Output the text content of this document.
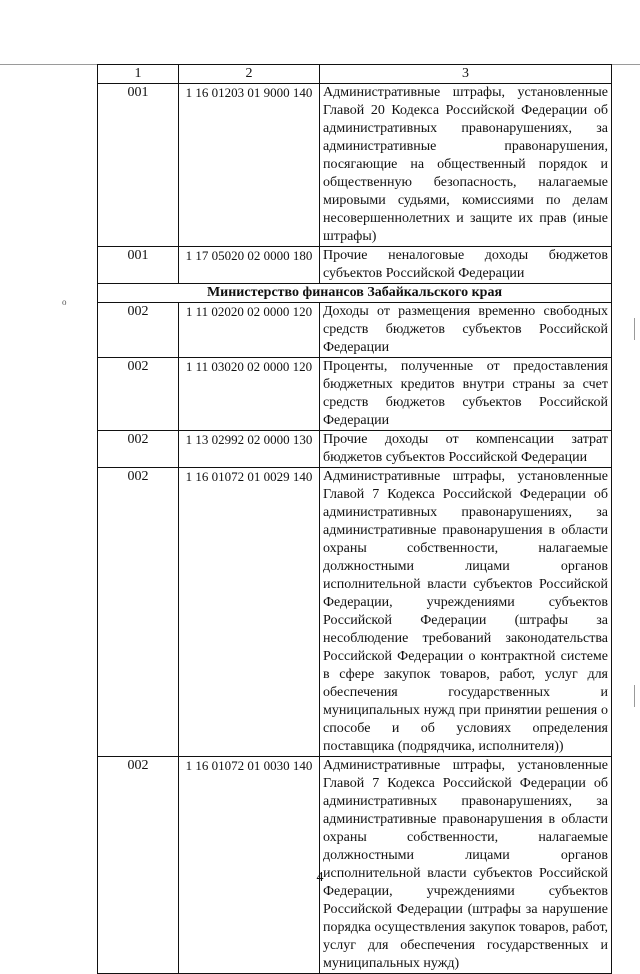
o
1	2	3
001	1 16 01203 01 9000 140	Административные штрафы, установленные Главой 20 Кодекса Российской Федерации об административных правонарушениях, за административные правонарушения, посягающие на общественный порядок и общественную безопасность, налагаемые мировыми судьями, комиссиями по делам несовершеннолетних и защите их прав (иные штрафы)
001	1 17 05020 02 0000 180	Прочие неналоговые доходы бюджетов субъектов Российской Федерации
Министерство финансов Забайкальского края		
002	1 11 02020 02 0000 120	Доходы от размещения временно свободных средств бюджетов субъектов Российской Федерации
002	1 11 03020 02 0000 120	Проценты, полученные от предоставления бюджетных кредитов внутри страны за счет средств бюджетов субъектов Российской Федерации
002	1 13 02992 02 0000 130	Прочие доходы от компенсации затрат бюджетов субъектов Российской Федерации
002	1 16 01072 01 0029 140	Административные штрафы, установленные Главой 7 Кодекса Российской Федерации об административных правонарушениях, за административные правонарушения в области охраны собственности, налагаемые должностными лицами органов исполнительной власти субъектов Российской Федерации, учреждениями субъектов Российской Федерации (штрафы за несоблюдение требований законодательства Российской Федерации о контрактной системе в сфере закупок товаров, работ, услуг для обеспечения государственных и муниципальных нужд при принятии решения о способе и об условиях определения поставщика (подрядчика, исполнителя))
002	1 16 01072 01 0030 140	Административные штрафы, установленные Главой 7 Кодекса Российской Федерации об административных правонарушениях, за административные правонарушения в области охраны собственности, налагаемые должностными лицами органов исполнительной власти субъектов Российской Федерации, учреждениями субъектов Российской Федерации (штрафы за нарушение порядка осуществления закупок товаров, работ, услуг для обеспечения государственных и муниципальных нужд)
4
